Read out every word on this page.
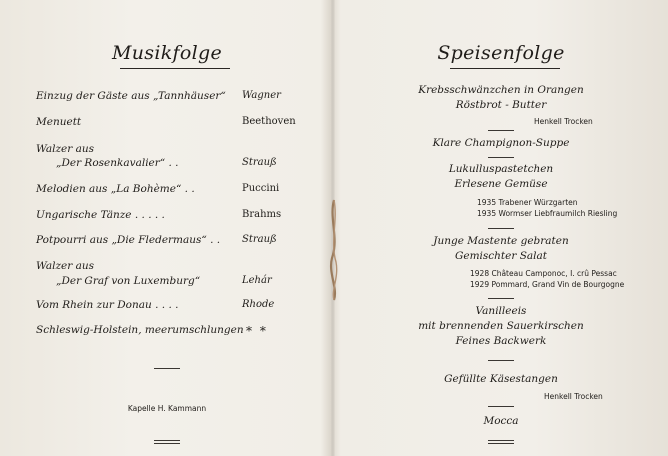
Musikfolge
Einzug der Gäste aus „Tannhäuser“ Wagner
Menuett	Beethoven
Walzer aus
„Der Rosenkavalier“ . .	Strauß
Melodien aus „La Bohème“ . .	Puccini
Ungarische Tänze . . . . .	Brahms
Potpourri aus „Die Fledermaus“ . . Strauß
Walzer aus
„Der Graf von Luxemburg“	Lehár
Vom Rhein zur Donau . . . .	Rhode
Schleswig-Holstein, meerumschlungen * *
Kapelle H. Kammann
Speisenfolge
Krebsschwänzchen in Orangen
Röstbrot - Butter
Henkell Trocken
Klare Champignon-Suppe
Lukulluspastetchen
Erlesene Gemüse
1935 Trabener Würzgarten
1935 Wormser Liebfraumilch Riesling
Junge Mastente gebraten
Gemischter Salat
1928 Château Camponoc, I. crû Pessac
1929 Pommard, Grand Vin de Bourgogne
Vanilleeis
mit brennenden Sauerkirschen
Feines Backwerk
Gefüllte Käsestangen
Henkell Trocken
Mocca
